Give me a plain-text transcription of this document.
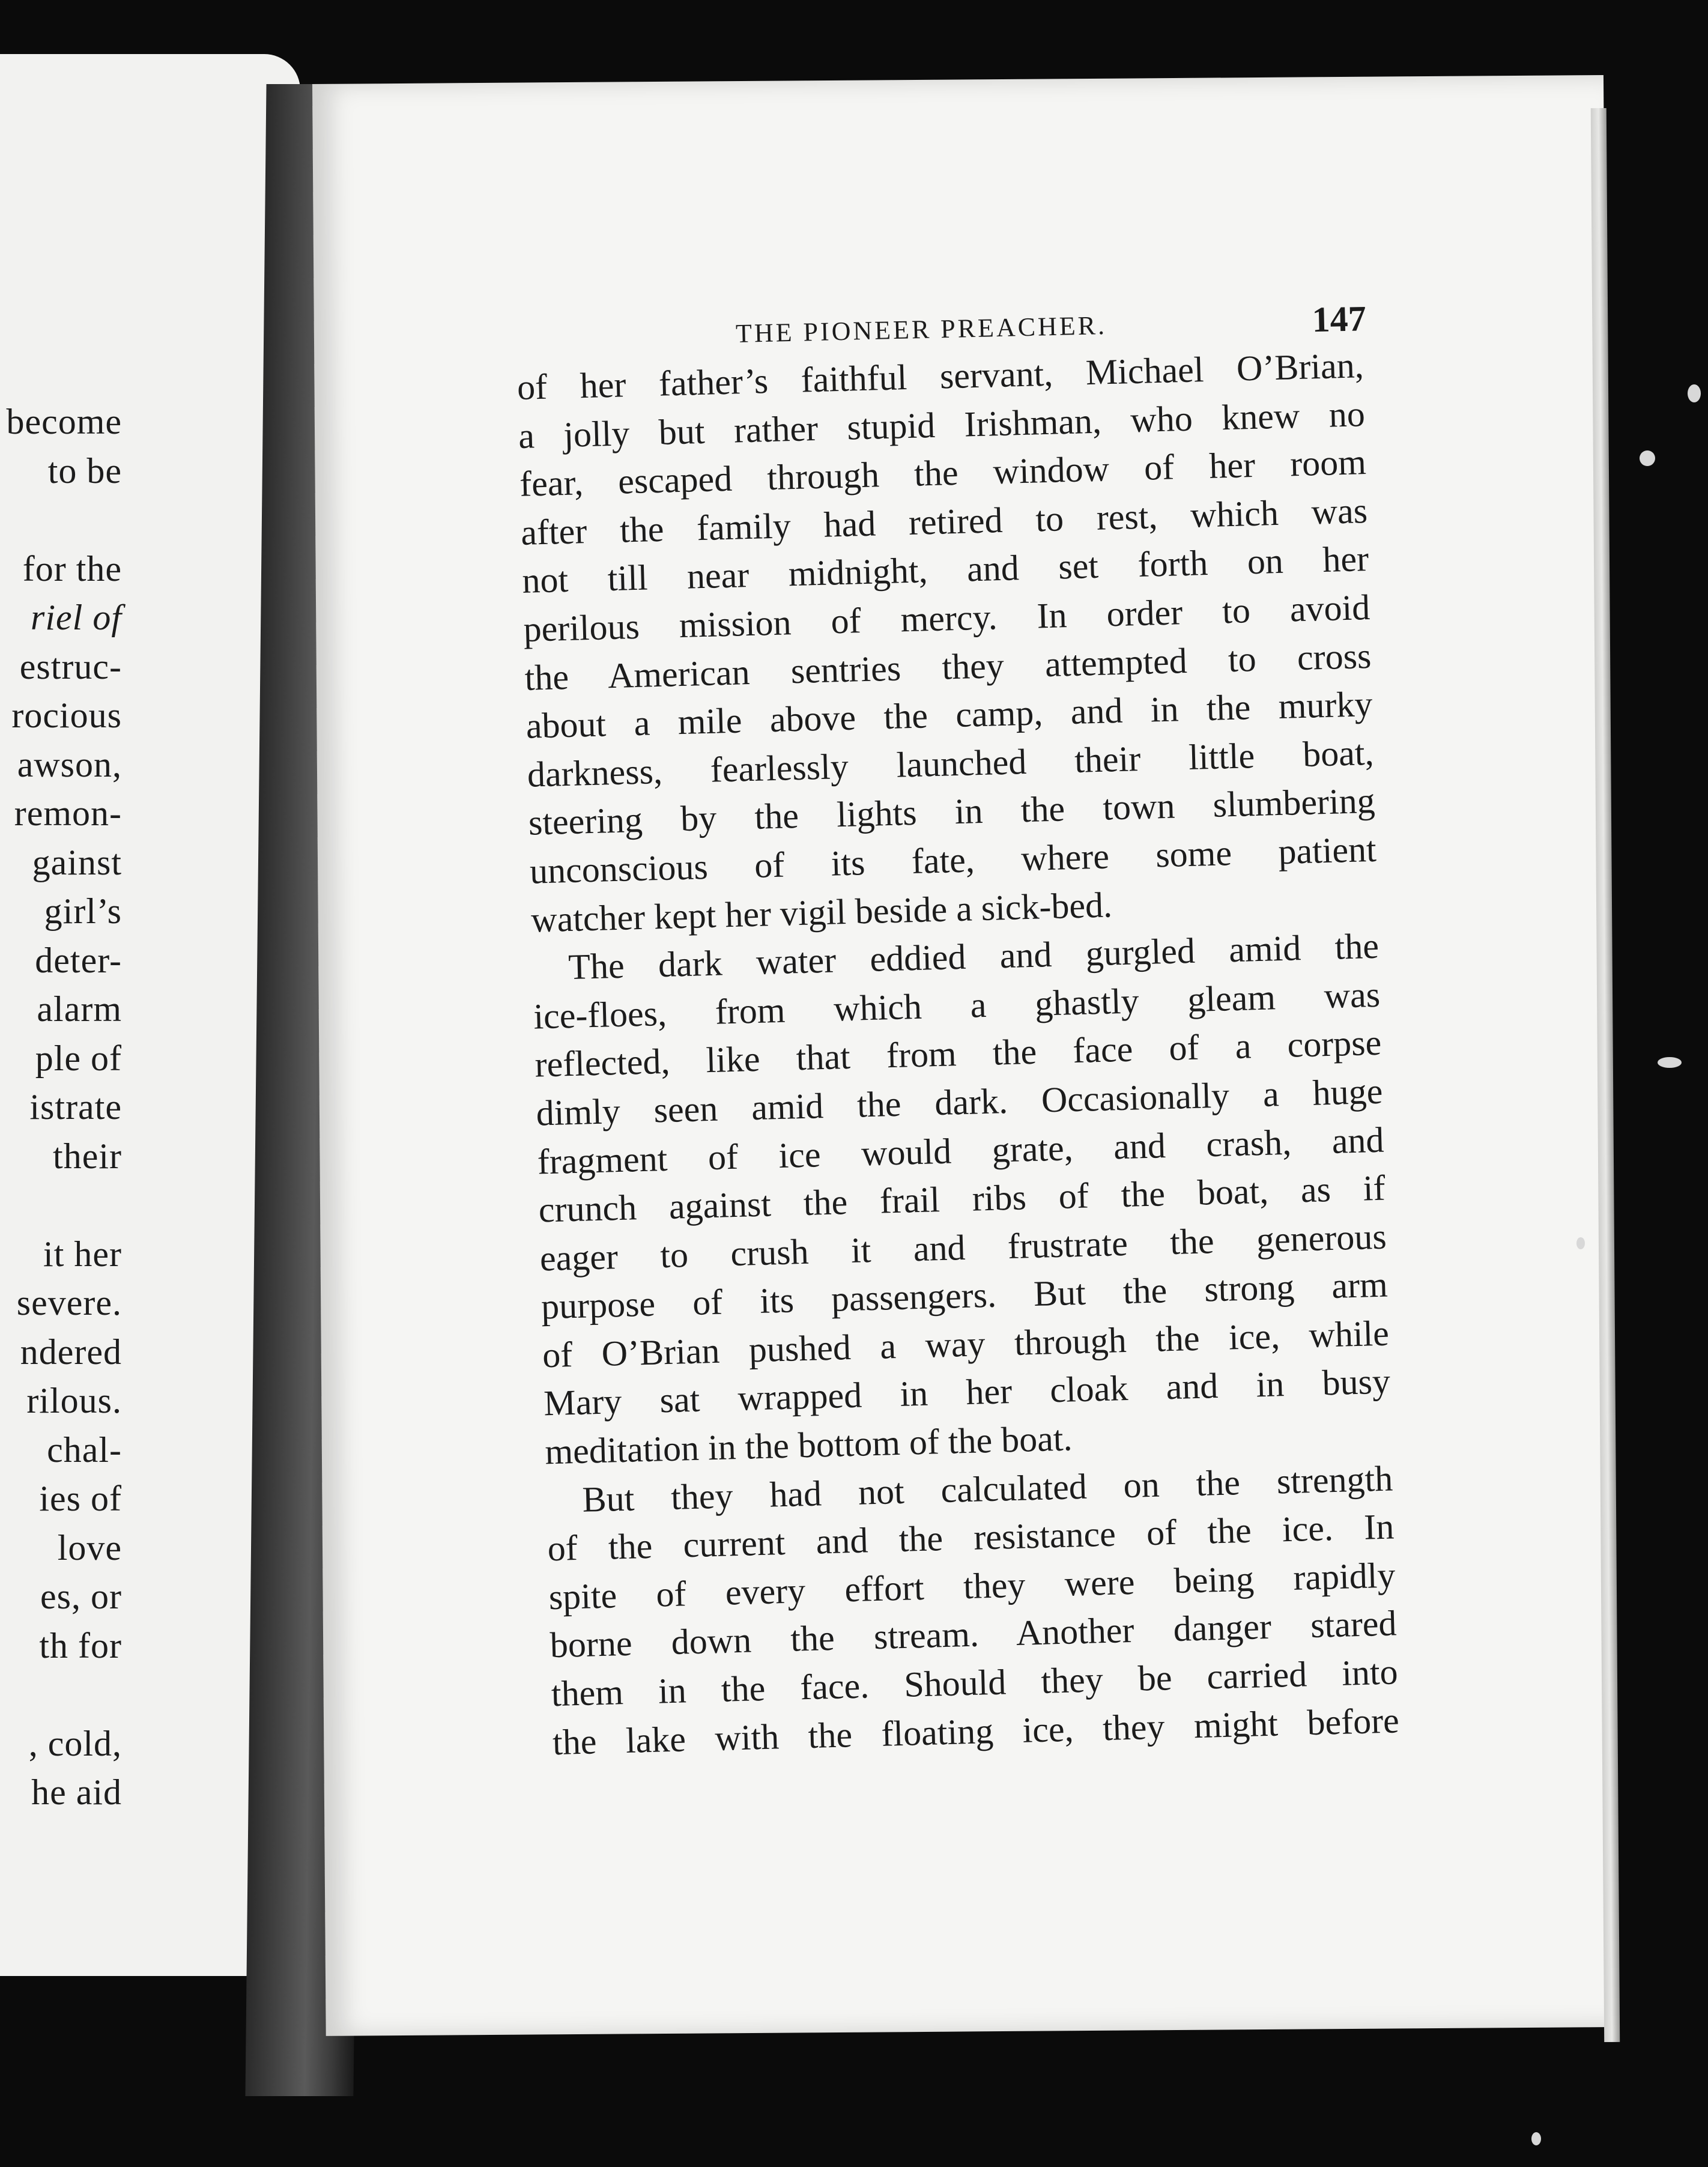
become
to be
for the
riel of
estruc-
rocious
awson,
remon-
gainst
girl’s
deter-
alarm
ple of
istrate
their
it her
severe.
ndered
rilous.
chal-
ies of
love
es, or
th for
, cold,
he aid
THE PIONEER PREACHER.	147
of her father’s faithful servant, Michael O’Brian,
a jolly but rather stupid Irishman, who knew no
fear, escaped through the window of her room
after the family had retired to rest, which was
not till near midnight, and set forth on her
perilous mission of mercy. In order to avoid
the American sentries they attempted to cross
about a mile above the camp, and in the murky
darkness, fearlessly launched their little boat,
steering by the lights in the town slumbering
unconscious of its fate, where some patient
watcher kept her vigil beside a sick-bed.
The dark water eddied and gurgled amid the
ice-floes, from which a ghastly gleam was
reflected, like that from the face of a corpse
dimly seen amid the dark. Occasionally a huge
fragment of ice would grate, and crash, and
crunch against the frail ribs of the boat, as if
eager to crush it and frustrate the generous
purpose of its passengers. But the strong arm
of O’Brian pushed a way through the ice, while
Mary sat wrapped in her cloak and in busy
meditation in the bottom of the boat.
But they had not calculated on the strength
of the current and the resistance of the ice. In
spite of every effort they were being rapidly
borne down the stream. Another danger stared
them in the face. Should they be carried into
the lake with the floating ice, they might before
